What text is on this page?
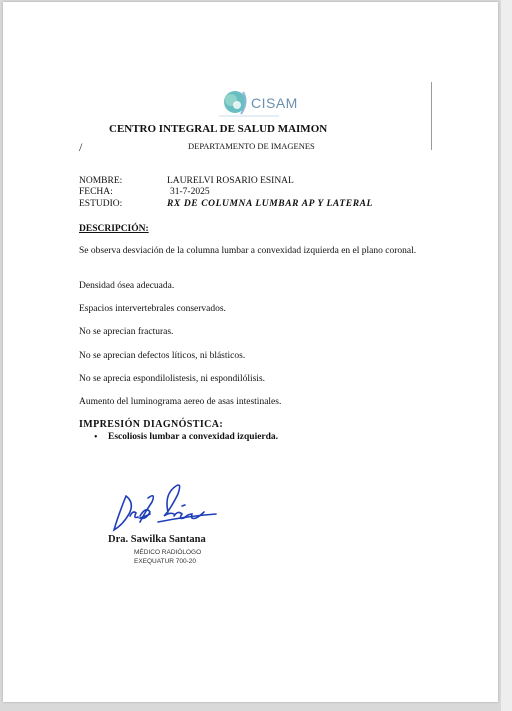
CISAM
CENTRO INTEGRAL DE SALUD MAIMON
/	DEPARTAMENTO DE IMAGENES
NOMBRE:	LAURELVI ROSARIO ESINAL
FECHA:	31-7-2025
ESTUDIO:	RX DE COLUMNA LUMBAR AP Y LATERAL
DESCRIPCIÓN:
Se observa desviación de la columna lumbar a convexidad izquierda en el plano coronal.
Densidad ósea adecuada.
Espacios intervertebrales conservados.
No se aprecian fracturas.
No se aprecian defectos líticos, ni blásticos.
No se aprecia espondilolistesis, ni espondilólisis.
Aumento del luminograma aereo de asas intestinales.
IMPRESIÓN DIAGNÓSTICA:
• Escoliosis lumbar a convexidad izquierda.
Dra. Sawilka Santana
MÉDICO RADIÓLOGO
EXEQUATUR 700-20
